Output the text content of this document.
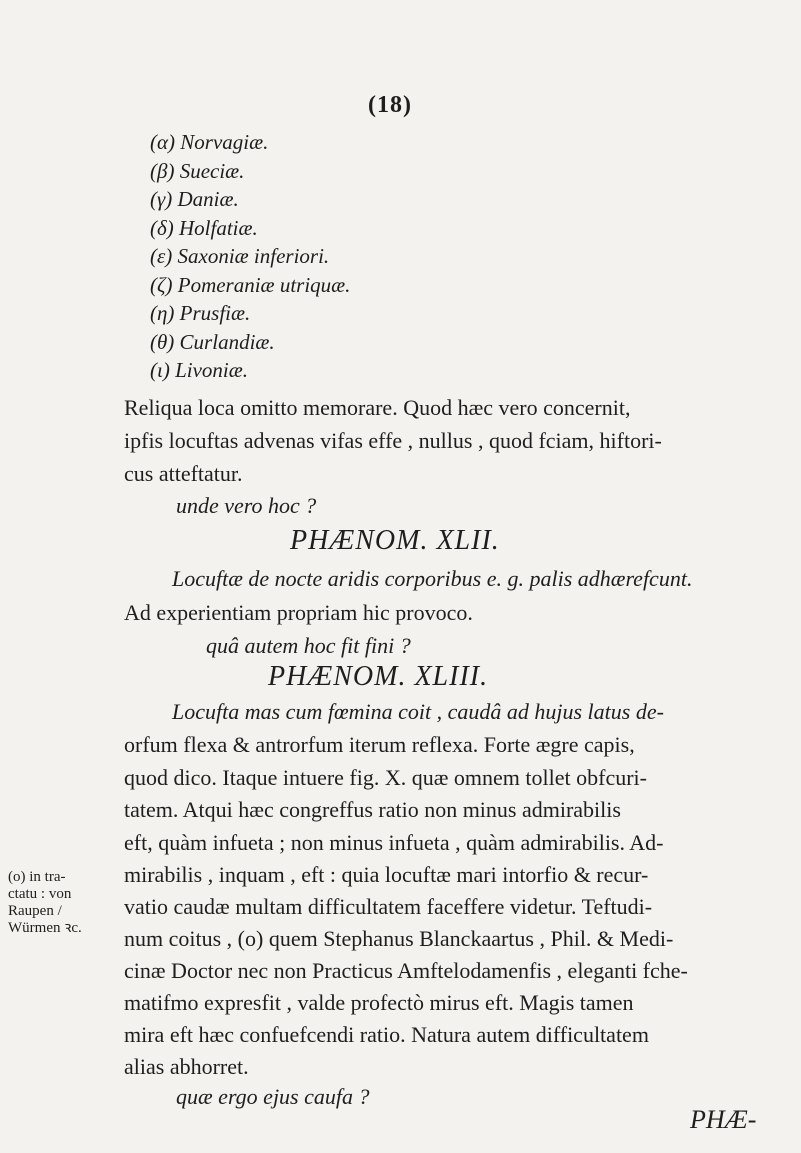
(18)
(α) Norvagiæ.
(β) Sueciæ.
(γ) Daniæ.
(δ) Holfatiæ.
(ε) Saxoniæ inferiori.
(ζ) Pomeraniæ utriquæ.
(η) Prusfiæ.
(θ) Curlandiæ.
(ι) Livoniæ.
Reliqua loca omitto memorare. Quod hæc vero concernit,
ipfis locuftas advenas vifas effe , nullus , quod fciam, hiftori-
cus atteftatur.
unde vero hoc ?
PHÆNOM. XLII.
Locuftæ de nocte aridis corporibus e. g. palis adhærefcunt.
Ad experientiam propriam hic provoco.
quâ autem hoc fit fini ?
PHÆNOM. XLIII.
Locufta mas cum fœmina coit , caudâ ad hujus latus de-
orfum flexa & antrorfum iterum reflexa. Forte ægre capis,
quod dico. Itaque intuere fig. X. quæ omnem tollet obfcuri-
tatem. Atqui hæc congreffus ratio non minus admirabilis
eft, quàm infueta ; non minus infueta , quàm admirabilis. Ad-
mirabilis , inquam , eft : quia locuftæ mari intorfio & recur-
vatio caudæ multam difficultatem faceffere videtur. Teftudi-
num coitus , (o) quem Stephanus Blanckaartus , Phil. & Medi-
cinæ Doctor nec non Practicus Amftelodamenfis , eleganti fche-
matifmo expresfit , valde profectò mirus eft. Magis tamen
mira eft hæc confuefcendi ratio. Natura autem difficultatem
alias abhorret.
quæ ergo ejus caufa ?
(o) in tra-
ctatu : von
Raupen /
Würmen ꝛc.
PHÆ-
